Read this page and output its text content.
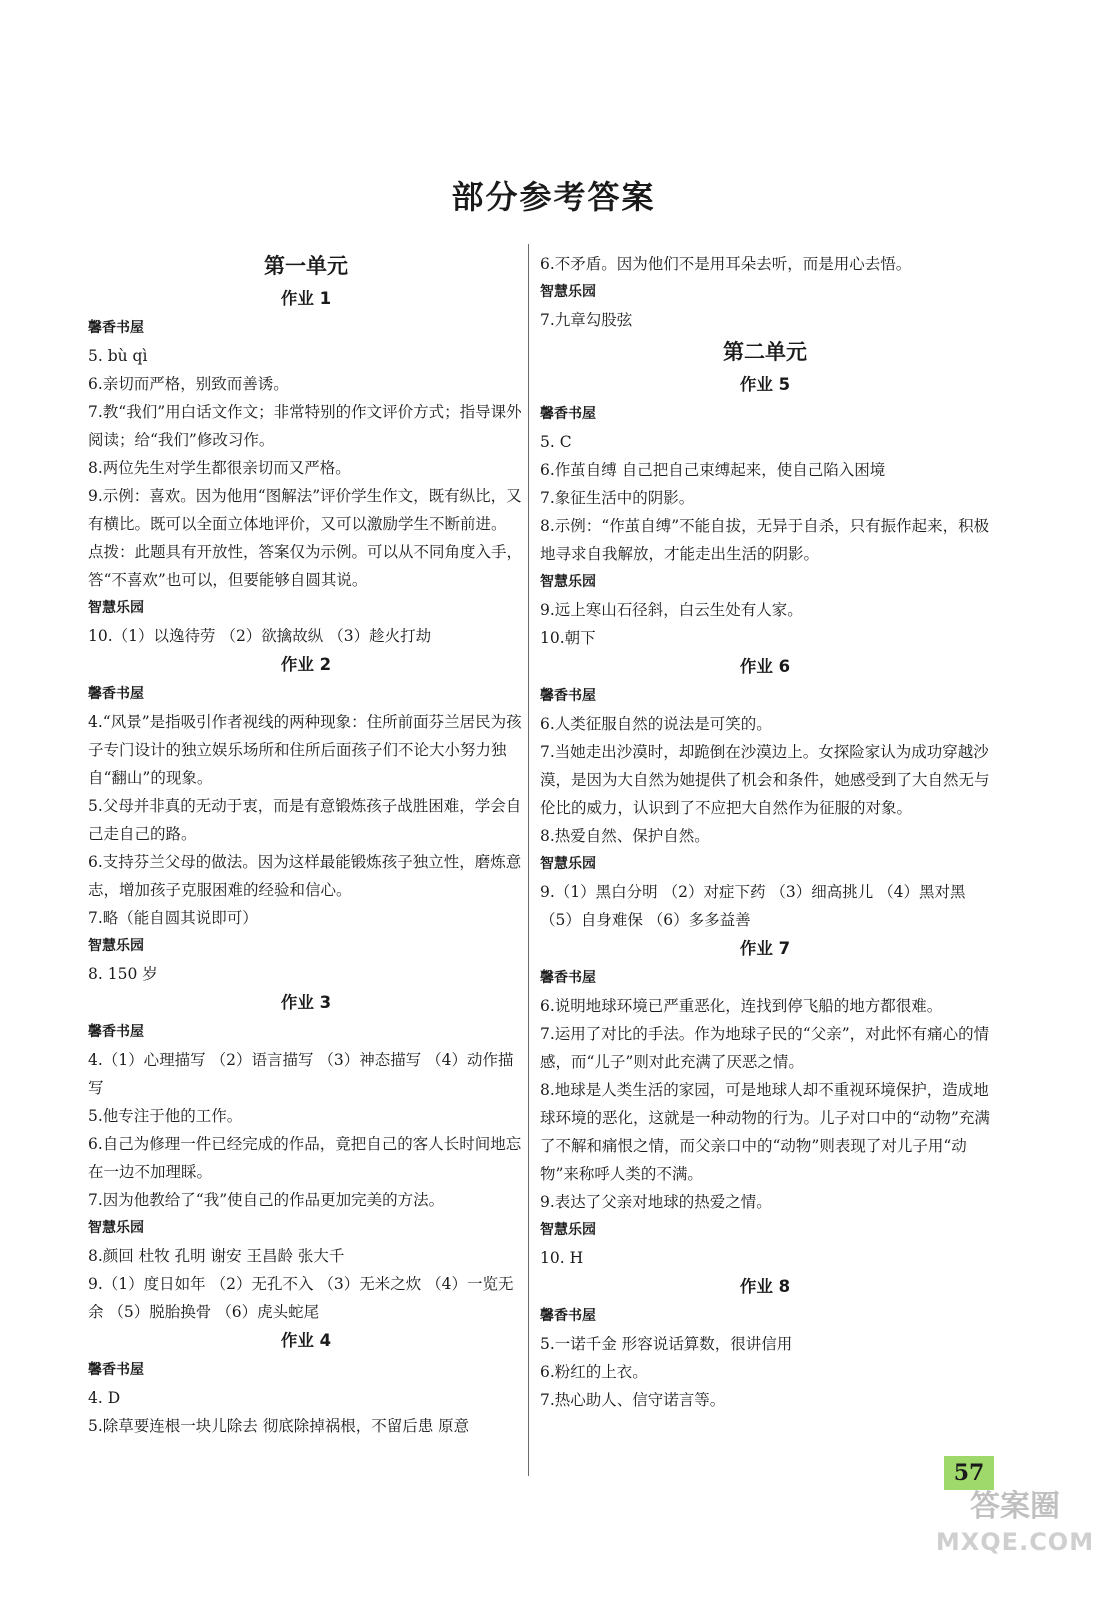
部分参考答案
第一单元
作业 1
馨香书屋

5. bù qì

6.亲切而严格，别致而善诱。

7.教“我们”用白话文作文；非常特别的作文评价方式；指导课外阅读；给“我们”修改习作。

8.两位先生对学生都很亲切而又严格。

9.示例：喜欢。因为他用“图解法”评价学生作文，既有纵比，又有横比。既可以全面立体地评价，又可以激励学生不断前进。 点拨：此题具有开放性，答案仅为示例。可以从不同角度入手，答“不喜欢”也可以，但要能够自圆其说。

智慧乐园

10.（1）以逸待劳 （2）欲擒故纵 （3）趁火打劫

作业 2
馨香书屋

4.“风景”是指吸引作者视线的两种现象：住所前面芬兰居民为孩子专门设计的独立娱乐场所和住所后面孩子们不论大小努力独自“翻山”的现象。

5.父母并非真的无动于衷，而是有意锻炼孩子战胜困难，学会自己走自己的路。

6.支持芬兰父母的做法。因为这样最能锻炼孩子独立性，磨炼意志，增加孩子克服困难的经验和信心。

7.略（能自圆其说即可）

智慧乐园

8. 150 岁

作业 3
馨香书屋

4.（1）心理描写 （2）语言描写 （3）神态描写 （4）动作描写

5.他专注于他的工作。

6.自己为修理一件已经完成的作品，竟把自己的客人长时间地忘在一边不加理睬。

7.因为他教给了“我”使自己的作品更加完美的方法。

智慧乐园

8.颜回 杜牧 孔明 谢安 王昌龄 张大千

9.（1）度日如年 （2）无孔不入 （3）无米之炊 （4）一览无余 （5）脱胎换骨 （6）虎头蛇尾

作业 4
馨香书屋

4. D

5.除草要连根一块儿除去 彻底除掉祸根，不留后患 原意

6.不矛盾。因为他们不是用耳朵去听，而是用心去悟。

智慧乐园

7.九章勾股弦

第二单元
作业 5
馨香书屋

5. C

6.作茧自缚 自己把自己束缚起来，使自己陷入困境

7.象征生活中的阴影。

8.示例：“作茧自缚”不能自拔，无异于自杀，只有振作起来，积极地寻求自我解放，才能走出生活的阴影。

智慧乐园

9.远上寒山石径斜，白云生处有人家。

10.朝下

作业 6
馨香书屋

6.人类征服自然的说法是可笑的。

7.当她走出沙漠时，却跪倒在沙漠边上。女探险家认为成功穿越沙漠，是因为大自然为她提供了机会和条件，她感受到了大自然无与伦比的威力，认识到了不应把大自然作为征服的对象。

8.热爱自然、保护自然。

智慧乐园

9.（1）黑白分明 （2）对症下药 （3）细高挑儿 （4）黑对黑 （5）自身难保 （6）多多益善

作业 7
馨香书屋

6.说明地球环境已严重恶化，连找到停飞船的地方都很难。

7.运用了对比的手法。作为地球子民的“父亲”，对此怀有痛心的情感，而“儿子”则对此充满了厌恶之情。

8.地球是人类生活的家园，可是地球人却不重视环境保护，造成地球环境的恶化，这就是一种动物的行为。儿子对口中的“动物”充满了不解和痛恨之情，而父亲口中的“动物”则表现了对儿子用“动物”来称呼人类的不满。

9.表达了父亲对地球的热爱之情。

智慧乐园

10. H

作业 8
馨香书屋

5.一诺千金 形容说话算数，很讲信用

6.粉红的上衣。

7.热心助人、信守诺言等。

57
答案圈
MXQE.COM
